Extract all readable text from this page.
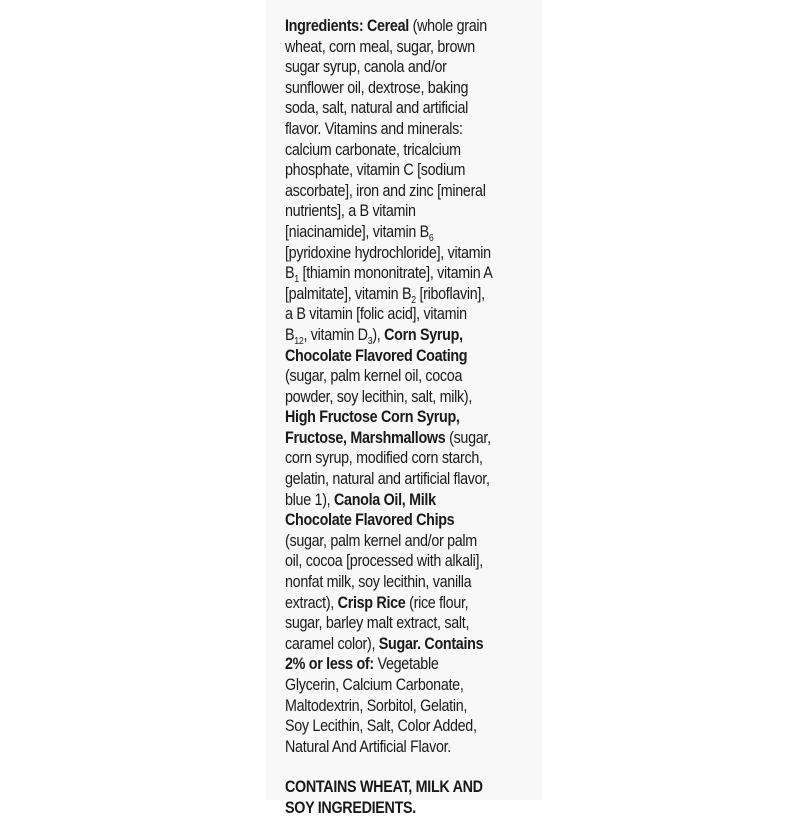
Ingredients: Cereal (whole grain
wheat, corn meal, sugar, brown
sugar syrup, canola and/or
sunflower oil, dextrose, baking
soda, salt, natural and artificial
flavor. Vitamins and minerals:
calcium carbonate, tricalcium
phosphate, vitamin C [sodium
ascorbate], iron and zinc [mineral
nutrients], a B vitamin
[niacinamide], vitamin $B_6$
[pyridoxine hydrochloride], vitamin
$B_1$ [thiamin mononitrate], vitamin A
[palmitate], vitamin $B_2$ [riboflavin],
a B vitamin [folic acid], vitamin
$B_{12}$, vitamin $D_3$), Corn Syrup,
Chocolate Flavored Coating
(sugar, palm kernel oil, cocoa
powder, soy lecithin, salt, milk),
High Fructose Corn Syrup,
Fructose, Marshmallows (sugar,
corn syrup, modified corn starch,
gelatin, natural and artificial flavor,
blue 1), Canola Oil, Milk
Chocolate Flavored Chips
(sugar, palm kernel and/or palm
oil, cocoa [processed with alkali],
nonfat milk, soy lecithin, vanilla
extract), Crisp Rice (rice flour,
sugar, barley malt extract, salt,
caramel color), Sugar. Contains
2% or less of: Vegetable
Glycerin, Calcium Carbonate,
Maltodextrin, Sorbitol, Gelatin,
Soy Lecithin, Salt, Color Added,
Natural And Artificial Flavor.
CONTAINS WHEAT, MILK AND
SOY INGREDIENTS.
